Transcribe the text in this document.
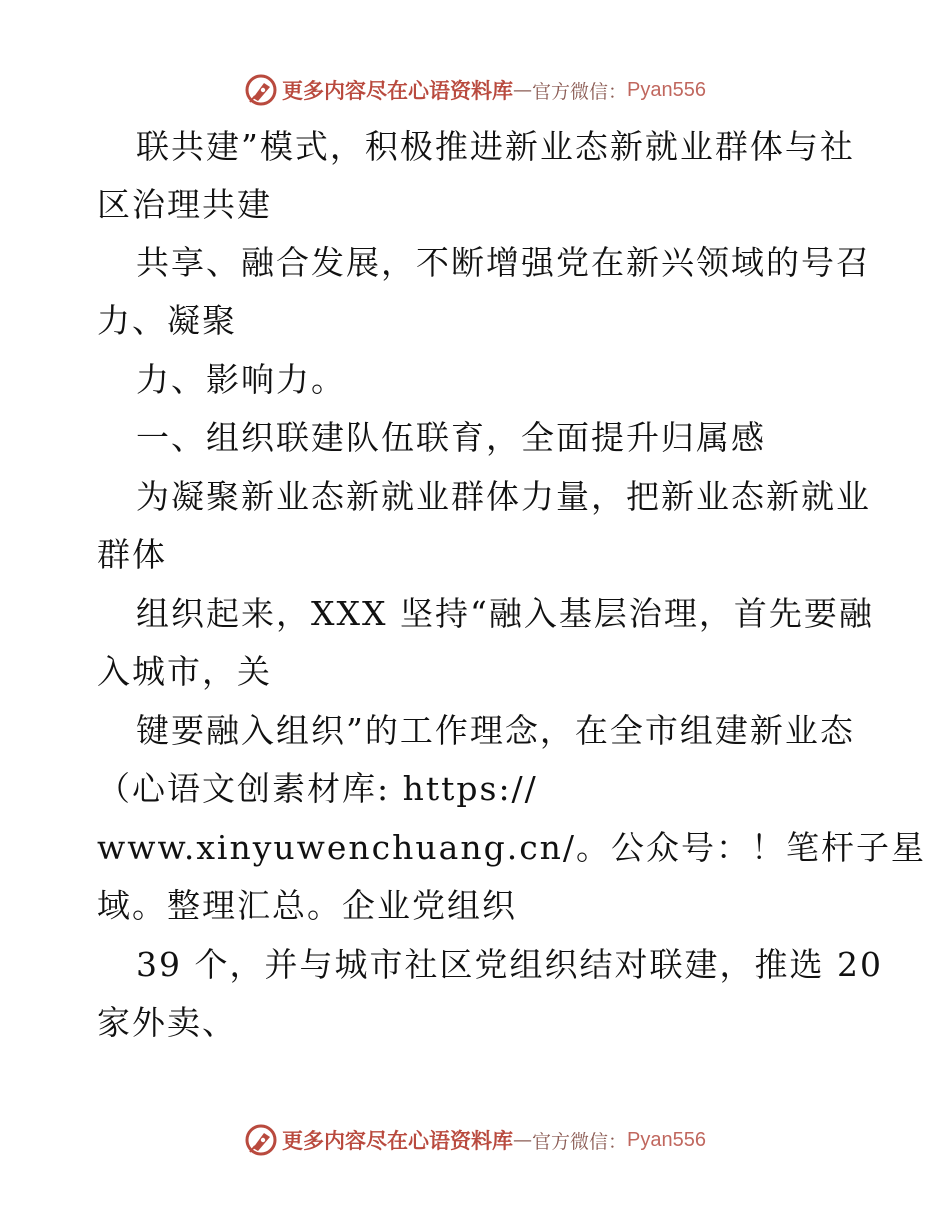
更多内容尽在心语资料库 — 官方微信： Pyan556
联共建”模式，积极推进新业态新就业群体与社
区治理共建
共享、融合发展，不断增强党在新兴领域的号召
力、凝聚
力、影响力。
一、组织联建队伍联育，全面提升归属感
为凝聚新业态新就业群体力量，把新业态新就业
群体
组织起来，XXX 坚持“融入基层治理，首先要融
入城市，关
键要融入组织”的工作理念，在全市组建新业态
（心语文创素材库: https://
www.xinyuwenchuang.cn/。公众号：！笔杆子星
域。整理汇总。企业党组织
39 个，并与城市社区党组织结对联建，推选 20
家外卖、
更多内容尽在心语资料库 — 官方微信： Pyan556
